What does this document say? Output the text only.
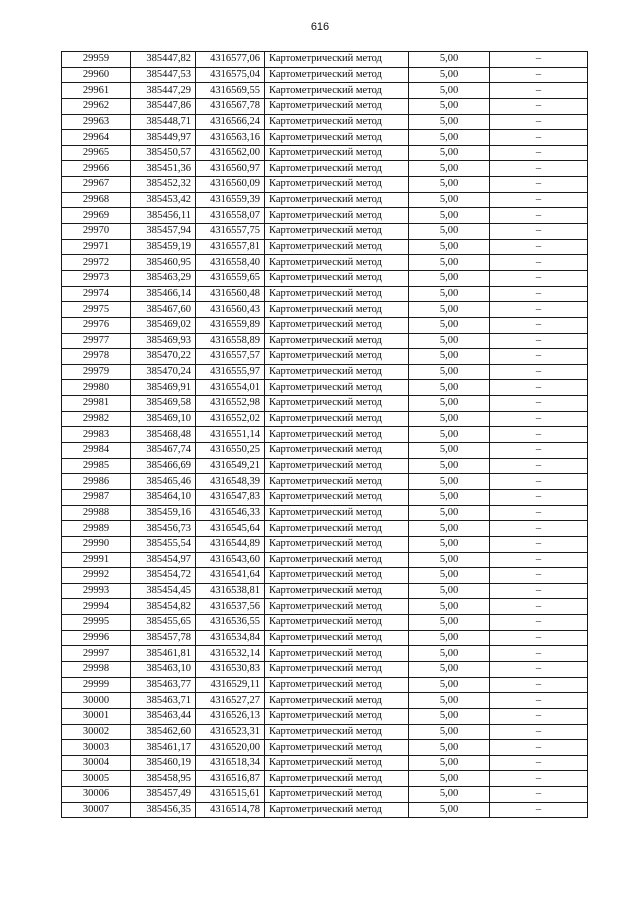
616
29959	385447,82	4316577,06	Картометрический метод	5,00	–
29960	385447,53	4316575,04	Картометрический метод	5,00	–
29961	385447,29	4316569,55	Картометрический метод	5,00	–
29962	385447,86	4316567,78	Картометрический метод	5,00	–
29963	385448,71	4316566,24	Картометрический метод	5,00	–
29964	385449,97	4316563,16	Картометрический метод	5,00	–
29965	385450,57	4316562,00	Картометрический метод	5,00	–
29966	385451,36	4316560,97	Картометрический метод	5,00	–
29967	385452,32	4316560,09	Картометрический метод	5,00	–
29968	385453,42	4316559,39	Картометрический метод	5,00	–
29969	385456,11	4316558,07	Картометрический метод	5,00	–
29970	385457,94	4316557,75	Картометрический метод	5,00	–
29971	385459,19	4316557,81	Картометрический метод	5,00	–
29972	385460,95	4316558,40	Картометрический метод	5,00	–
29973	385463,29	4316559,65	Картометрический метод	5,00	–
29974	385466,14	4316560,48	Картометрический метод	5,00	–
29975	385467,60	4316560,43	Картометрический метод	5,00	–
29976	385469,02	4316559,89	Картометрический метод	5,00	–
29977	385469,93	4316558,89	Картометрический метод	5,00	–
29978	385470,22	4316557,57	Картометрический метод	5,00	–
29979	385470,24	4316555,97	Картометрический метод	5,00	–
29980	385469,91	4316554,01	Картометрический метод	5,00	–
29981	385469,58	4316552,98	Картометрический метод	5,00	–
29982	385469,10	4316552,02	Картометрический метод	5,00	–
29983	385468,48	4316551,14	Картометрический метод	5,00	–
29984	385467,74	4316550,25	Картометрический метод	5,00	–
29985	385466,69	4316549,21	Картометрический метод	5,00	–
29986	385465,46	4316548,39	Картометрический метод	5,00	–
29987	385464,10	4316547,83	Картометрический метод	5,00	–
29988	385459,16	4316546,33	Картометрический метод	5,00	–
29989	385456,73	4316545,64	Картометрический метод	5,00	–
29990	385455,54	4316544,89	Картометрический метод	5,00	–
29991	385454,97	4316543,60	Картометрический метод	5,00	–
29992	385454,72	4316541,64	Картометрический метод	5,00	–
29993	385454,45	4316538,81	Картометрический метод	5,00	–
29994	385454,82	4316537,56	Картометрический метод	5,00	–
29995	385455,65	4316536,55	Картометрический метод	5,00	–
29996	385457,78	4316534,84	Картометрический метод	5,00	–
29997	385461,81	4316532,14	Картометрический метод	5,00	–
29998	385463,10	4316530,83	Картометрический метод	5,00	–
29999	385463,77	4316529,11	Картометрический метод	5,00	–
30000	385463,71	4316527,27	Картометрический метод	5,00	–
30001	385463,44	4316526,13	Картометрический метод	5,00	–
30002	385462,60	4316523,31	Картометрический метод	5,00	–
30003	385461,17	4316520,00	Картометрический метод	5,00	–
30004	385460,19	4316518,34	Картометрический метод	5,00	–
30005	385458,95	4316516,87	Картометрический метод	5,00	–
30006	385457,49	4316515,61	Картометрический метод	5,00	–
30007	385456,35	4316514,78	Картометрический метод	5,00	–
